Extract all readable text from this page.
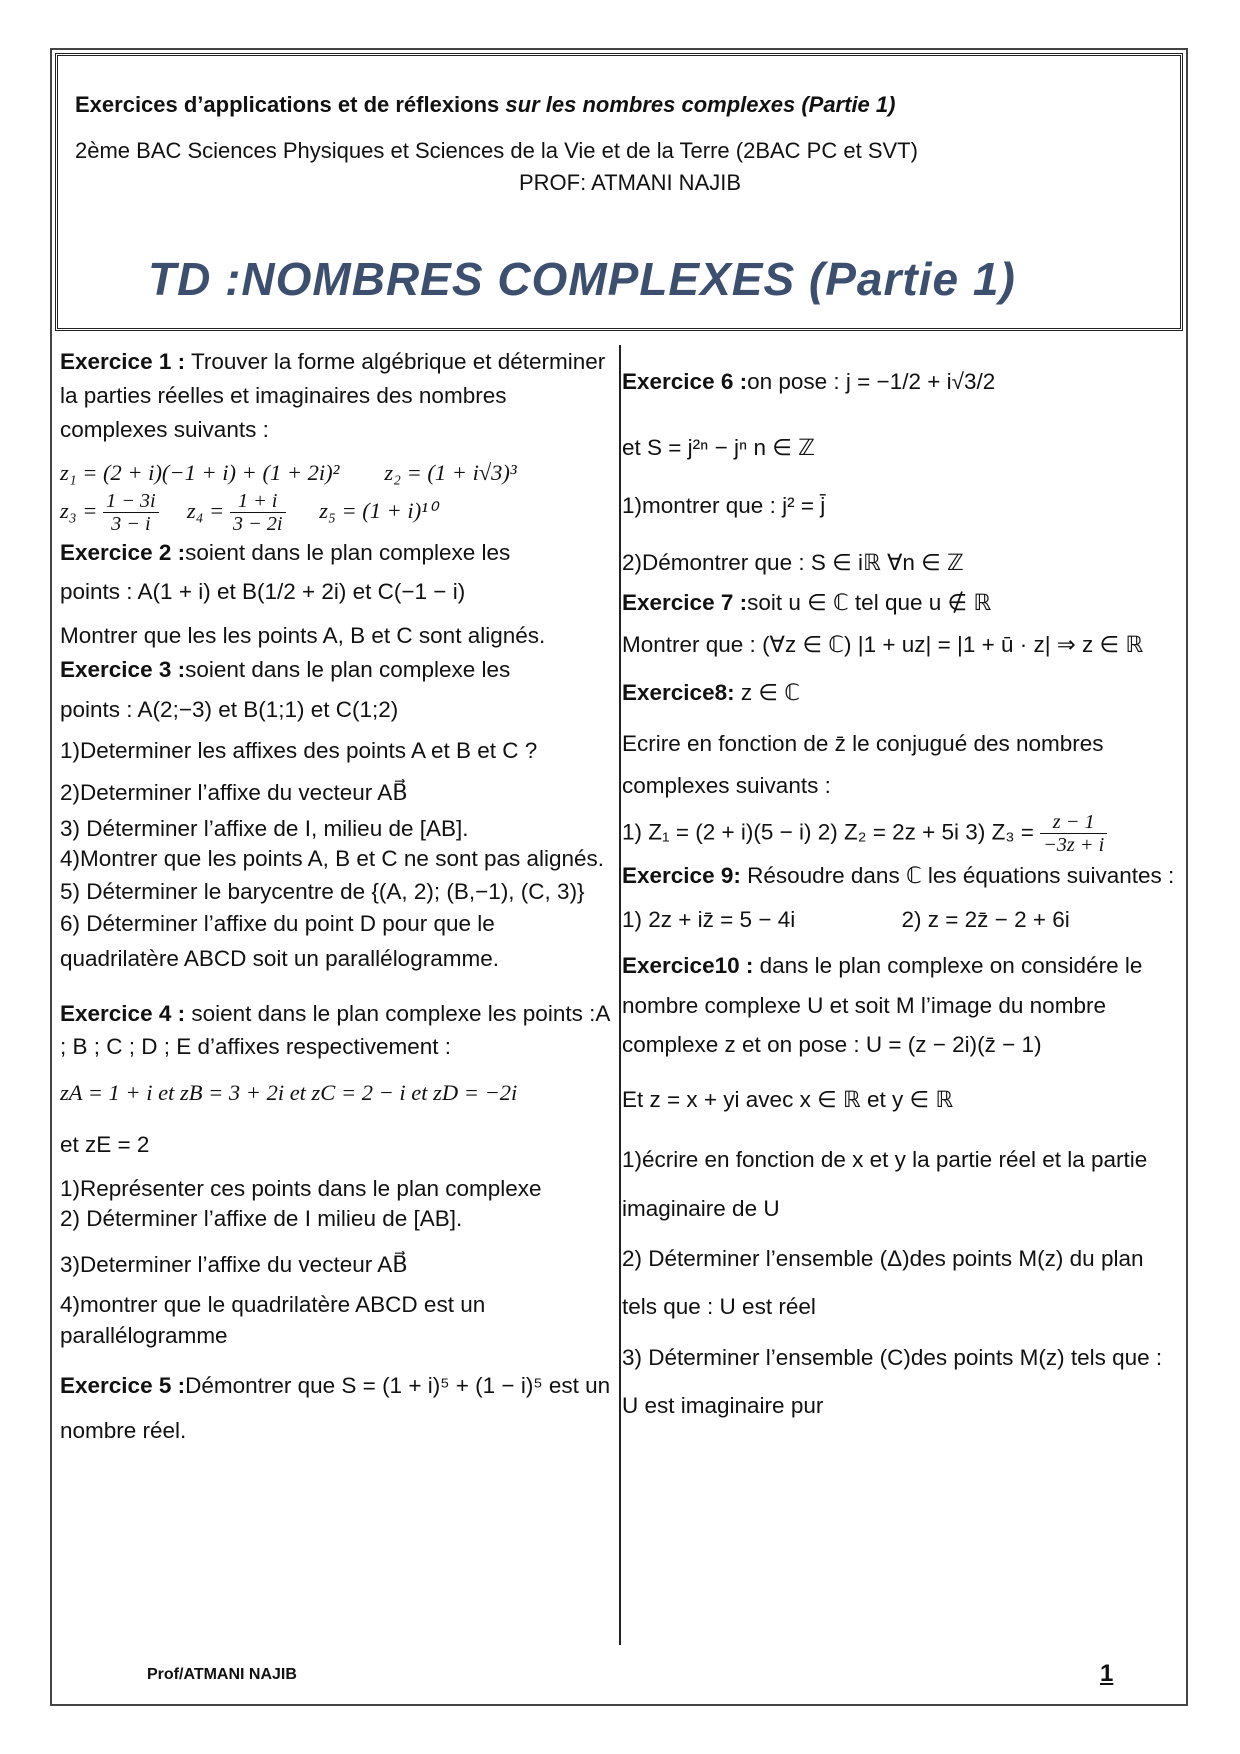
Exercices d’applications et de réflexions sur les nombres complexes (Partie 1)
2ème BAC Sciences Physiques et Sciences de la Vie et de la Terre (2BAC PC et SVT)
PROF: ATMANI NAJIB
TD :NOMBRES COMPLEXES (Partie 1)

Exercice 1 : Trouver la forme algébrique et déterminer la parties réelles et imaginaires des nombres complexes suivants :

z₁ = (2 + i)(−1 + i) + (1 + 2i)² z₂ = (1 + i√3)³

$z_3 = \frac{1 - 3i}{3 - i} z_4 = \frac{1 + i}{3 - 2i} z_5 = (1 + i)^{10}$

Exercice 2 :soient dans le plan complexe les

points : A(1 + i) et B(1/2 + 2i) et C(−1 − i)

Montrer que les les points A, B et C sont alignés.

Exercice 3 :soient dans le plan complexe les

points : A(2;−3) et B(1;1) et C(1;2)

1)Determiner les affixes des points A et B et C ?

2)Determiner l’affixe du vecteur AB⃗

3) Déterminer l’affixe de I, milieu de [AB].

4)Montrer que les points A, B et C ne sont pas alignés.

5) Déterminer le barycentre de {(A, 2); (B,−1), (C, 3)}

6) Déterminer l’affixe du point D pour que le quadrilatère ABCD soit un parallélogramme.

Exercice 4 : soient dans le plan complexe les points :A ; B ; C ; D ; E d’affixes respectivement :

zA = 1 + i et zB = 3 + 2i et zC = 2 − i et zD = −2i

et zE = 2

1)Représenter ces points dans le plan complexe

2) Déterminer l’affixe de I milieu de [AB].

3)Determiner l’affixe du vecteur AB⃗

4)montrer que le quadrilatère ABCD est un parallélogramme

Exercice 5 :Démontrer que S = (1 + i)⁵ + (1 − i)⁵ est un nombre réel.

Exercice 6 :on pose : j = −1/2 + i√3/2

et S = j²ⁿ − jⁿ n ∈ ℤ

1)montrer que : j² = j̄

2)Démontrer que : S ∈ iℝ ∀n ∈ ℤ

Exercice 7 :soit u ∈ ℂ tel que u ∉ ℝ

Montrer que : (∀z ∈ ℂ) |1 + uz| = |1 + ū · z| ⇒ z ∈ ℝ

Exercice8: z ∈ ℂ

Ecrire en fonction de z̄ le conjugué des nombres complexes suivants :

1) Z₁ = (2 + i)(5 − i) 2) Z₂ = 2z + 5i 3) $Z_3 = \frac{z - 1}{-3z + i}$

Exercice 9: Résoudre dans ℂ les équations suivantes :

1) 2z + iz̄ = 5 − 4i	2) z = 2z̄ − 2 + 6i

Exercice10 : dans le plan complexe on considére le nombre complexe U et soit M l’image du nombre complexe z et on pose : U = (z − 2i)(z̄ − 1)

Et z = x + yi avec x ∈ ℝ et y ∈ ℝ

1)écrire en fonction de x et y la partie réel et la partie imaginaire de U

2) Déterminer l’ensemble (Δ)des points M(z) du plan tels que : U est réel

3) Déterminer l’ensemble (C)des points M(z) tels que : U est imaginaire pur

Prof/ATMANI NAJIB	1
